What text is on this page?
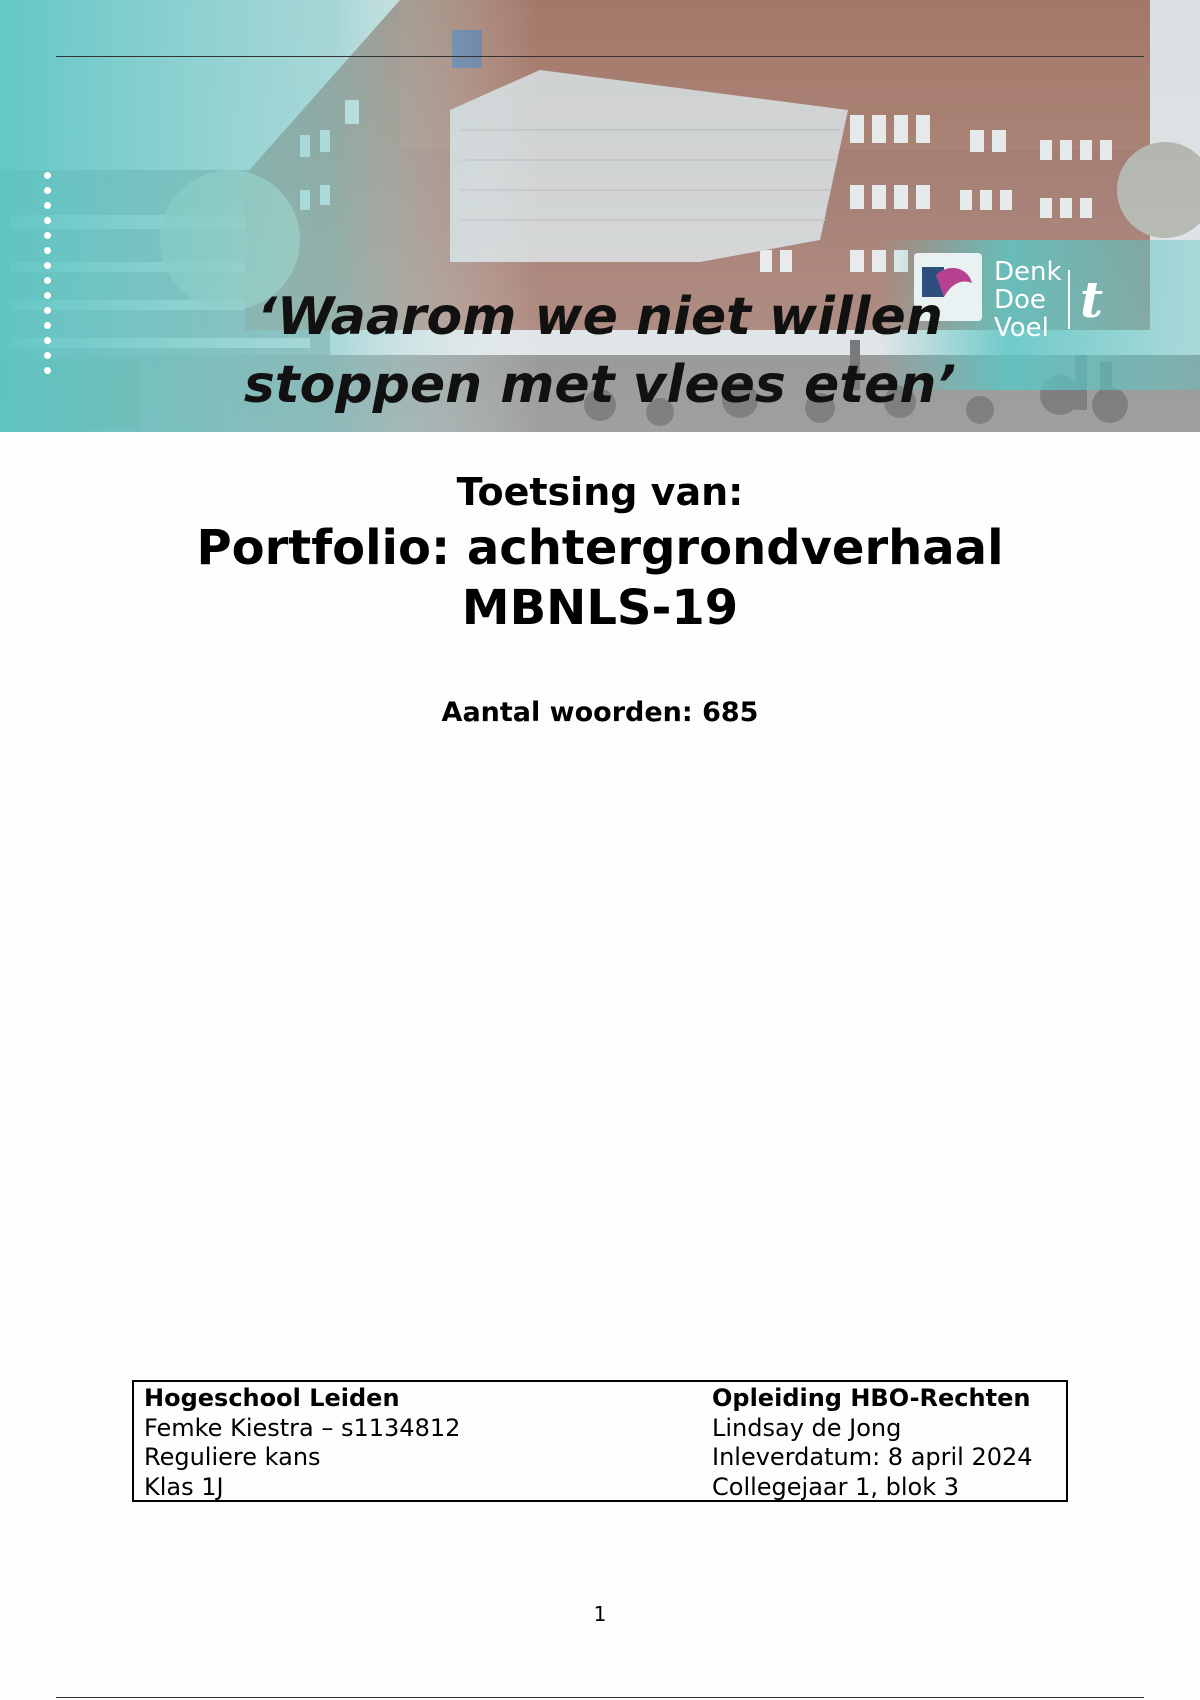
Denk
Doe
Voel t
‘Waarom we niet willen
stoppen met vlees eten’
Toetsing van:
Portfolio: achtergrondverhaal
MBNLS-19
Aantal woorden: 685
Hogeschool Leiden
Femke Kiestra – s1134812
Reguliere kans
Klas 1J
Opleiding HBO-Rechten
Lindsay de Jong
Inleverdatum: 8 april 2024
Collegejaar 1, blok 3
1
